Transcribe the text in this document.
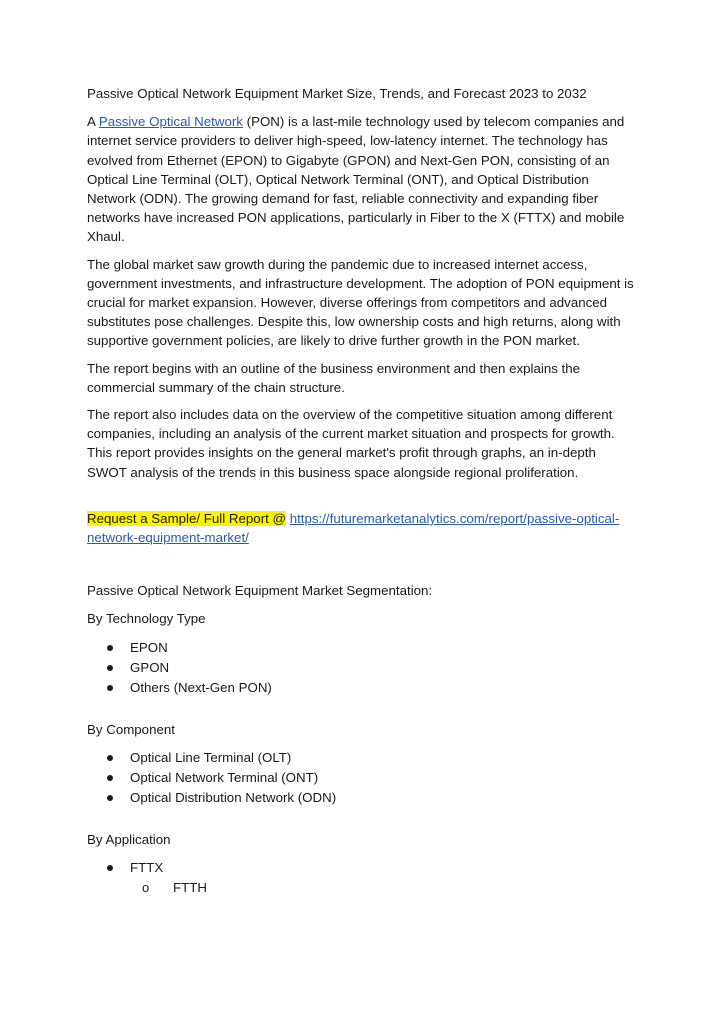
Passive Optical Network Equipment Market Size, Trends, and Forecast 2023 to 2032

A Passive Optical Network (PON) is a last-mile technology used by telecom companies and internet service providers to deliver high-speed, low-latency internet. The technology has evolved from Ethernet (EPON) to Gigabyte (GPON) and Next-Gen PON, consisting of an Optical Line Terminal (OLT), Optical Network Terminal (ONT), and Optical Distribution Network (ODN). The growing demand for fast, reliable connectivity and expanding fiber networks have increased PON applications, particularly in Fiber to the X (FTTX) and mobile Xhaul.

The global market saw growth during the pandemic due to increased internet access, government investments, and infrastructure development. The adoption of PON equipment is crucial for market expansion. However, diverse offerings from competitors and advanced substitutes pose challenges. Despite this, low ownership costs and high returns, along with supportive government policies, are likely to drive further growth in the PON market.

The report begins with an outline of the business environment and then explains the commercial summary of the chain structure.

The report also includes data on the overview of the competitive situation among different companies, including an analysis of the current market situation and prospects for growth. This report provides insights on the general market's profit through graphs, an in-depth SWOT analysis of the trends in this business space alongside regional proliferation.

Request a Sample/ Full Report @ https://futuremarketanalytics.com/report/passive-optical-network-equipment-market/

Passive Optical Network Equipment Market Segmentation:

By Technology Type

EPON
GPON
Others (Next-Gen PON)

By Component

Optical Line Terminal (OLT)
Optical Network Terminal (ONT)
Optical Distribution Network (ODN)

By Application

FTTX
o FTTH
